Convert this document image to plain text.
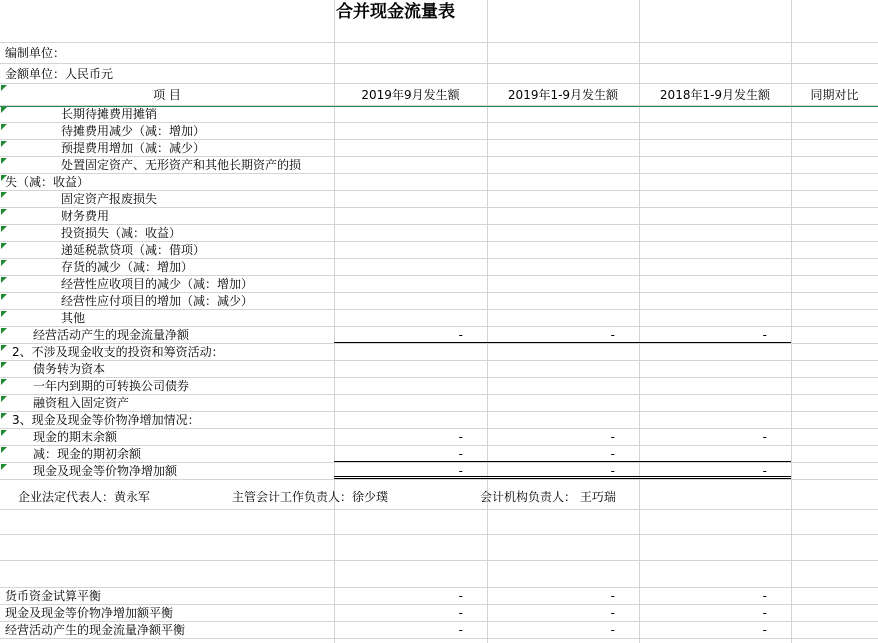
合并现金流量表
编制单位：
金额单位：人民币元
项 目	2019年9月发生额	2019年1-9月发生额	2018年1-9月发生额	同期对比
长期待摊费用摊销
待摊费用减少（减：增加）
预提费用增加（减：减少）
处置固定资产、无形资产和其他长期资产的损
失（减：收益）
固定资产报废损失
财务费用
投资损失（减：收益）
递延税款贷项（减：借项）
存货的减少（减：增加）
经营性应收项目的减少（减：增加）
经营性应付项目的增加（减：减少）
其他
经营活动产生的现金流量净额	-	-	-
2、不涉及现金收支的投资和筹资活动：
债务转为资本
一年内到期的可转换公司债券
融资租入固定资产
3、现金及现金等价物净增加情况：
现金的期末余额	-	-	-
减：现金的期初余额	-	-
现金及现金等价物净增加额	-	-	-
企业法定代表人：黄永军	主管会计工作负责人：徐少璞	会计机构负责人： 王巧瑞
货币资金试算平衡	-	-	-
现金及现金等价物净增加额平衡	-	-	-
经营活动产生的现金流量净额平衡	-	-	-
